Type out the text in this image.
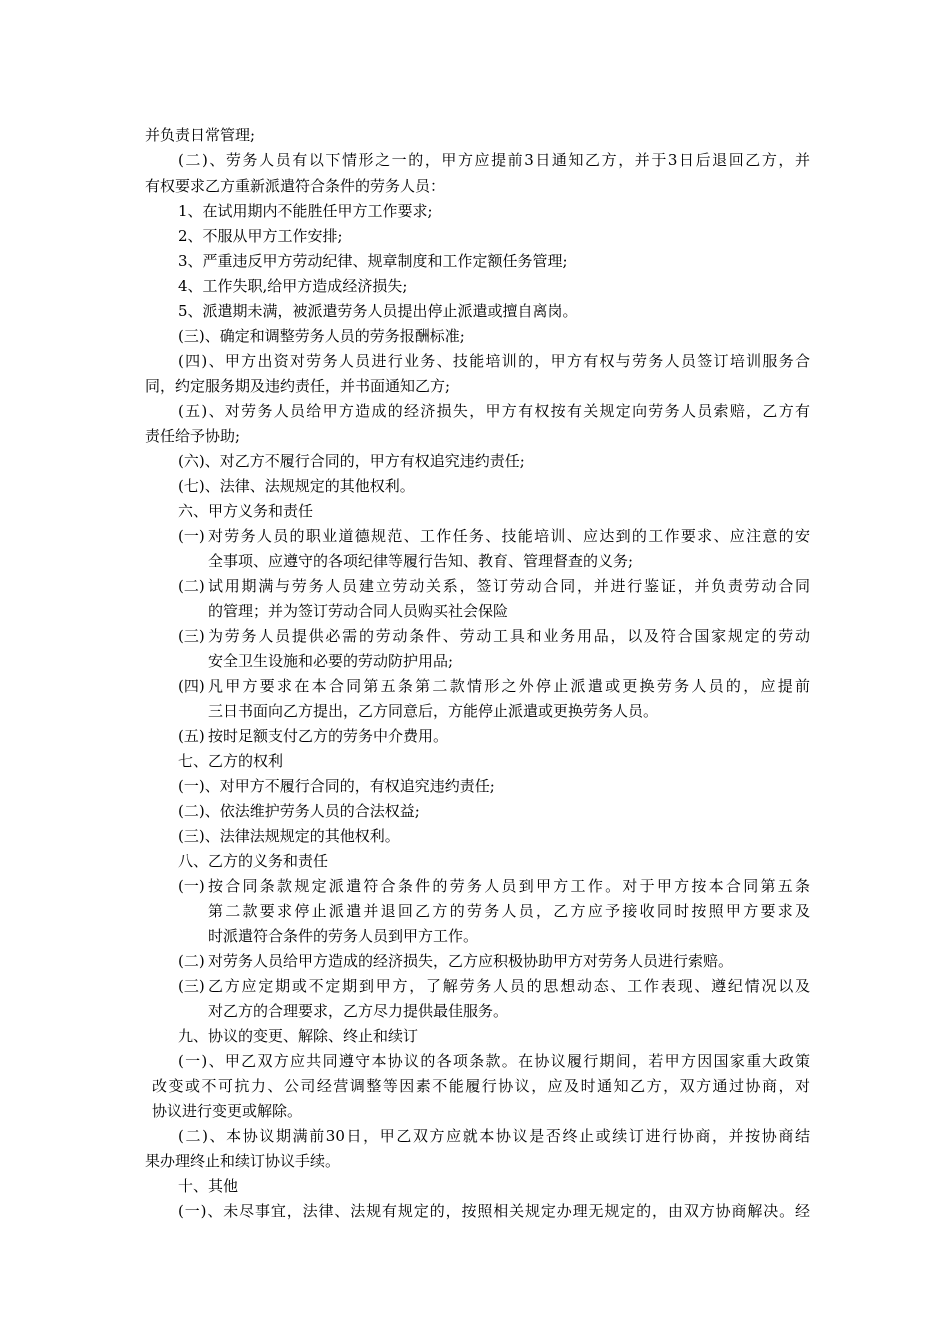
并负责日常管理;
(二)、劳务人员有以下情形之一的，甲方应提前3日通知乙方，并于3日后退回乙方，并
有权要求乙方重新派遣符合条件的劳务人员：
1、在试用期内不能胜任甲方工作要求;
2、不服从甲方工作安排;
3、严重违反甲方劳动纪律、规章制度和工作定额任务管理;
4、工作失职,给甲方造成经济损失;
5、派遣期未满，被派遣劳务人员提出停止派遣或擅自离岗。
(三)、确定和调整劳务人员的劳务报酬标准;
(四)、甲方出资对劳务人员进行业务、技能培训的，甲方有权与劳务人员签订培训服务合
同，约定服务期及违约责任，并书面通知乙方;
(五)、对劳务人员给甲方造成的经济损失，甲方有权按有关规定向劳务人员索赔，乙方有
责任给予协助;
(六)、对乙方不履行合同的，甲方有权追究违约责任;
(七)、法律、法规规定的其他权利。
六、甲方义务和责任
(一) 对劳务人员的职业道德规范、工作任务、技能培训、应达到的工作要求、应注意的安
全事项、应遵守的各项纪律等履行告知、教育、管理督查的义务;
(二) 试用期满与劳务人员建立劳动关系，签订劳动合同，并进行鉴证，并负责劳动合同
的管理；并为签订劳动合同人员购买社会保险
(三) 为劳务人员提供必需的劳动条件、劳动工具和业务用品，以及符合国家规定的劳动
安全卫生设施和必要的劳动防护用品;
(四) 凡甲方要求在本合同第五条第二款情形之外停止派遣或更换劳务人员的，应提前
三日书面向乙方提出，乙方同意后，方能停止派遣或更换劳务人员。
(五) 按时足额支付乙方的劳务中介费用。
七、乙方的权利
(一)、对甲方不履行合同的，有权追究违约责任;
(二)、依法维护劳务人员的合法权益;
(三)、法律法规规定的其他权利。
八、乙方的义务和责任
(一) 按合同条款规定派遣符合条件的劳务人员到甲方工作。对于甲方按本合同第五条
第二款要求停止派遣并退回乙方的劳务人员，乙方应予接收同时按照甲方要求及
时派遣符合条件的劳务人员到甲方工作。
(二) 对劳务人员给甲方造成的经济损失，乙方应积极协助甲方对劳务人员进行索赔。
(三) 乙方应定期或不定期到甲方，了解劳务人员的思想动态、工作表现、遵纪情况以及
对乙方的合理要求，乙方尽力提供最佳服务。
九、协议的变更、解除、终止和续订
(一)、甲乙双方应共同遵守本协议的各项条款。在协议履行期间，若甲方因国家重大政策
改变或不可抗力、公司经营调整等因素不能履行协议，应及时通知乙方，双方通过协商，对
协议进行变更或解除。
(二)、本协议期满前30日，甲乙双方应就本协议是否终止或续订进行协商，并按协商结
果办理终止和续订协议手续。
十、其他
(一)、未尽事宜，法律、法规有规定的，按照相关规定办理无规定的，由双方协商解决。经
